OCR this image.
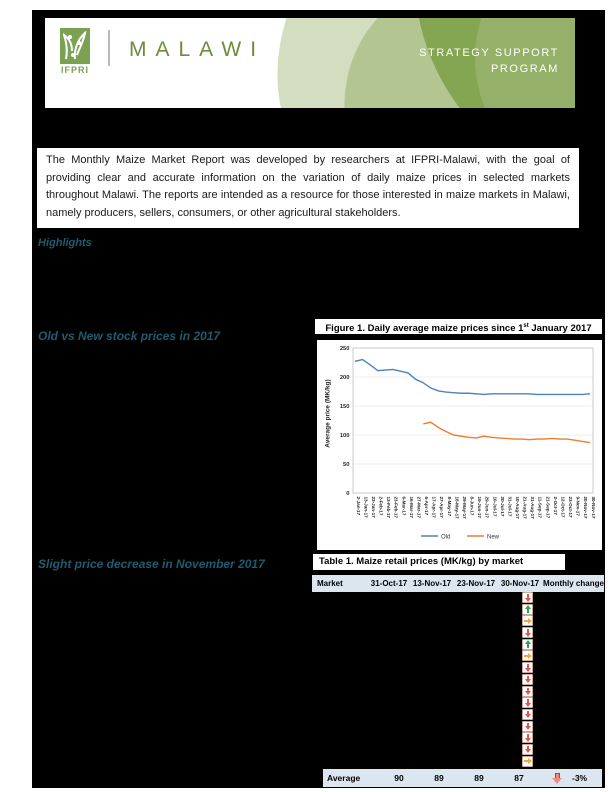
IFPRI
MALAWI	STRATEGY SUPPORT
PROGRAM
The Monthly Maize Market Report was developed by researchers at IFPRI-Malawi, with the goal of providing clear and accurate information on the variation of daily maize prices in selected markets throughout Malawi. The reports are intended as a resource for those interested in maize markets in Malawi, namely producers, sellers, consumers, or other agricultural stakeholders.
Highlights
Old vs New stock prices in 2017
Slight price decrease in November 2017
Figure 1. Daily average maize prices since 1st January 2017
Average price (MK/kg)
0
50
100
150
200
250
2-Jan-17 13-Jan-17 23-Jan-17 2-Feb-17 13-Feb-17 23-Feb-17 6-Mar-17 16-Mar-17 27-Mar-17 6-Apr-17 17-Apr-17 27-Apr-17 8-May-17 18-May-17 29-May-17 8-Jun-17 19-Jun-17 29-Jun-17 10-Jul-17 20-Jul-17 31-Jul-17 10-Aug-17 21-Aug-17 31-Aug-17 11-Sep-17 21-Sep-17 2-Oct-17 12-Oct-17 23-Oct-17 9-Nov-17 20-Nov-17 30-Nov-17
Old	New
Table 1. Maize retail prices (MK/kg) by market
Market	31-Oct-17 13-Nov-17 23-Nov-17 30-Nov-17 Monthly change
Average	90	89	89	87	-3%
